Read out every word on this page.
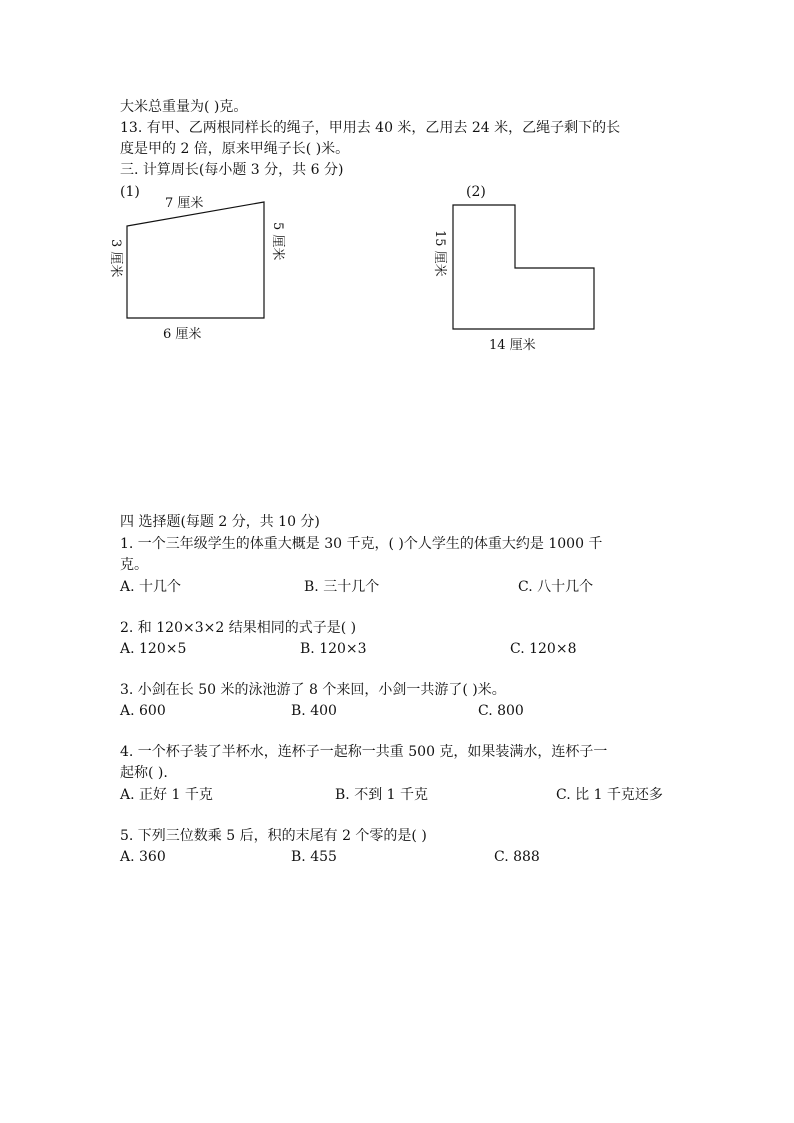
大米总重量为( )克。
13. 有甲、乙两根同样长的绳子，甲用去 40 米，乙用去 24 米，乙绳子剩下的长
度是甲的 2 倍，原来甲绳子长( )米。
三. 计算周长(每小题 3 分，共 6 分)
(1)	(2)
7 厘米
6 厘米
3 厘米	5 厘米	15 厘米
14 厘米
四 选择题(每题 2 分，共 10 分)
1. 一个三年级学生的体重大概是 30 千克，( )个人学生的体重大约是 1000 千
克。
A. 十几个	B. 三十几个	C. 八十几个
2. 和 120×3×2 结果相同的式子是( )
A. 120×5	B. 120×3	C. 120×8
3. 小剑在长 50 米的泳池游了 8 个来回，小剑一共游了( )米。
A. 600	B. 400	C. 800
4. 一个杯子装了半杯水，连杯子一起称一共重 500 克，如果装满水，连杯子一
起称( ).
A. 正好 1 千克	B. 不到 1 千克	C. 比 1 千克还多
5. 下列三位数乘 5 后，积的末尾有 2 个零的是( )
A. 360	B. 455	C. 888
